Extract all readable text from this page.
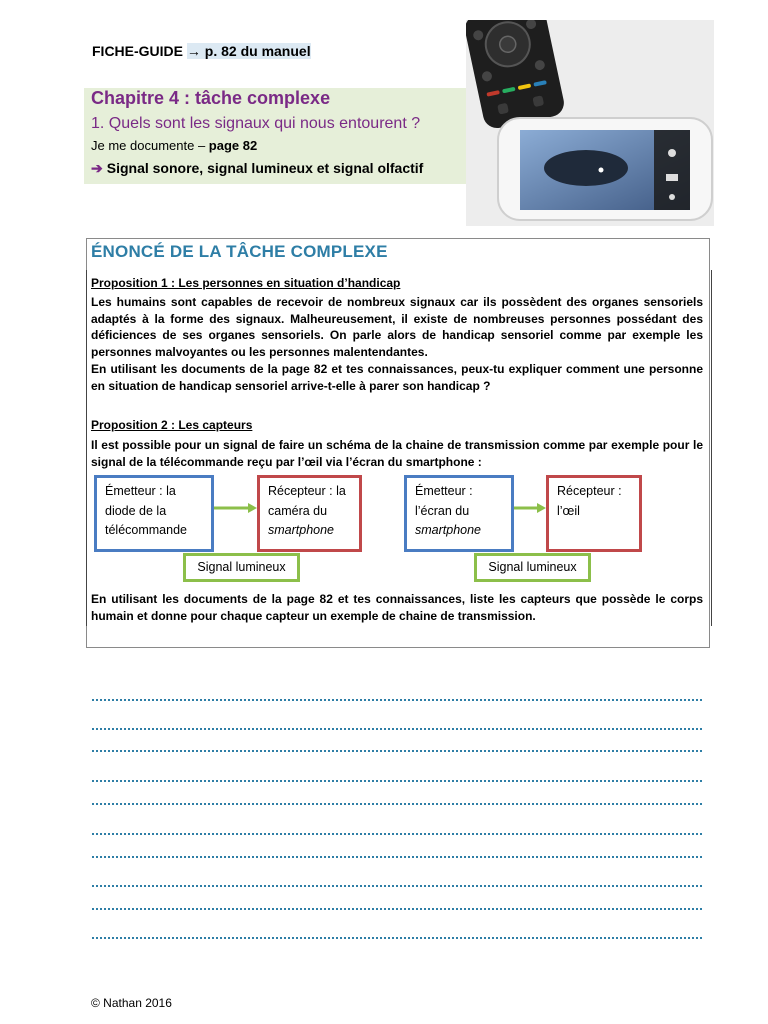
FICHE-GUIDE → p. 82 du manuel
Chapitre 4 : tâche complexe
1. Quels sont les signaux qui nous entourent ?
Je me documente – page 82
➔ Signal sonore, signal lumineux et signal olfactif
ÉNONCÉ DE LA TÂCHE COMPLEXE
Proposition 1 : Les personnes en situation d’handicap
Les humains sont capables de recevoir de nombreux signaux car ils possèdent des organes sensoriels adaptés à la forme des signaux. Malheureusement, il existe de nombreuses personnes possédant des déficiences de ses organes sensoriels. On parle alors de handicap sensoriel comme par exemple les personnes malvoyantes ou les personnes malentendantes.
En utilisant les documents de la page 82 et tes connaissances, peux-tu expliquer comment une personne en situation de handicap sensoriel arrive-t-elle à parer son handicap ?
Proposition 2 : Les capteurs
Il est possible pour un signal de faire un schéma de la chaine de transmission comme par exemple pour le signal de la télécommande reçu par l’œil via l’écran du smartphone :
Émetteur : la
diode de la
télécommande
Récepteur : la
caméra du
smartphone
Émetteur :
l’écran du
smartphone
Récepteur :
l’œil
Signal lumineux	Signal lumineux
En utilisant les documents de la page 82 et tes connaissances, liste les capteurs que possède le corps humain et donne pour chaque capteur un exemple de chaine de transmission.
© Nathan 2016
